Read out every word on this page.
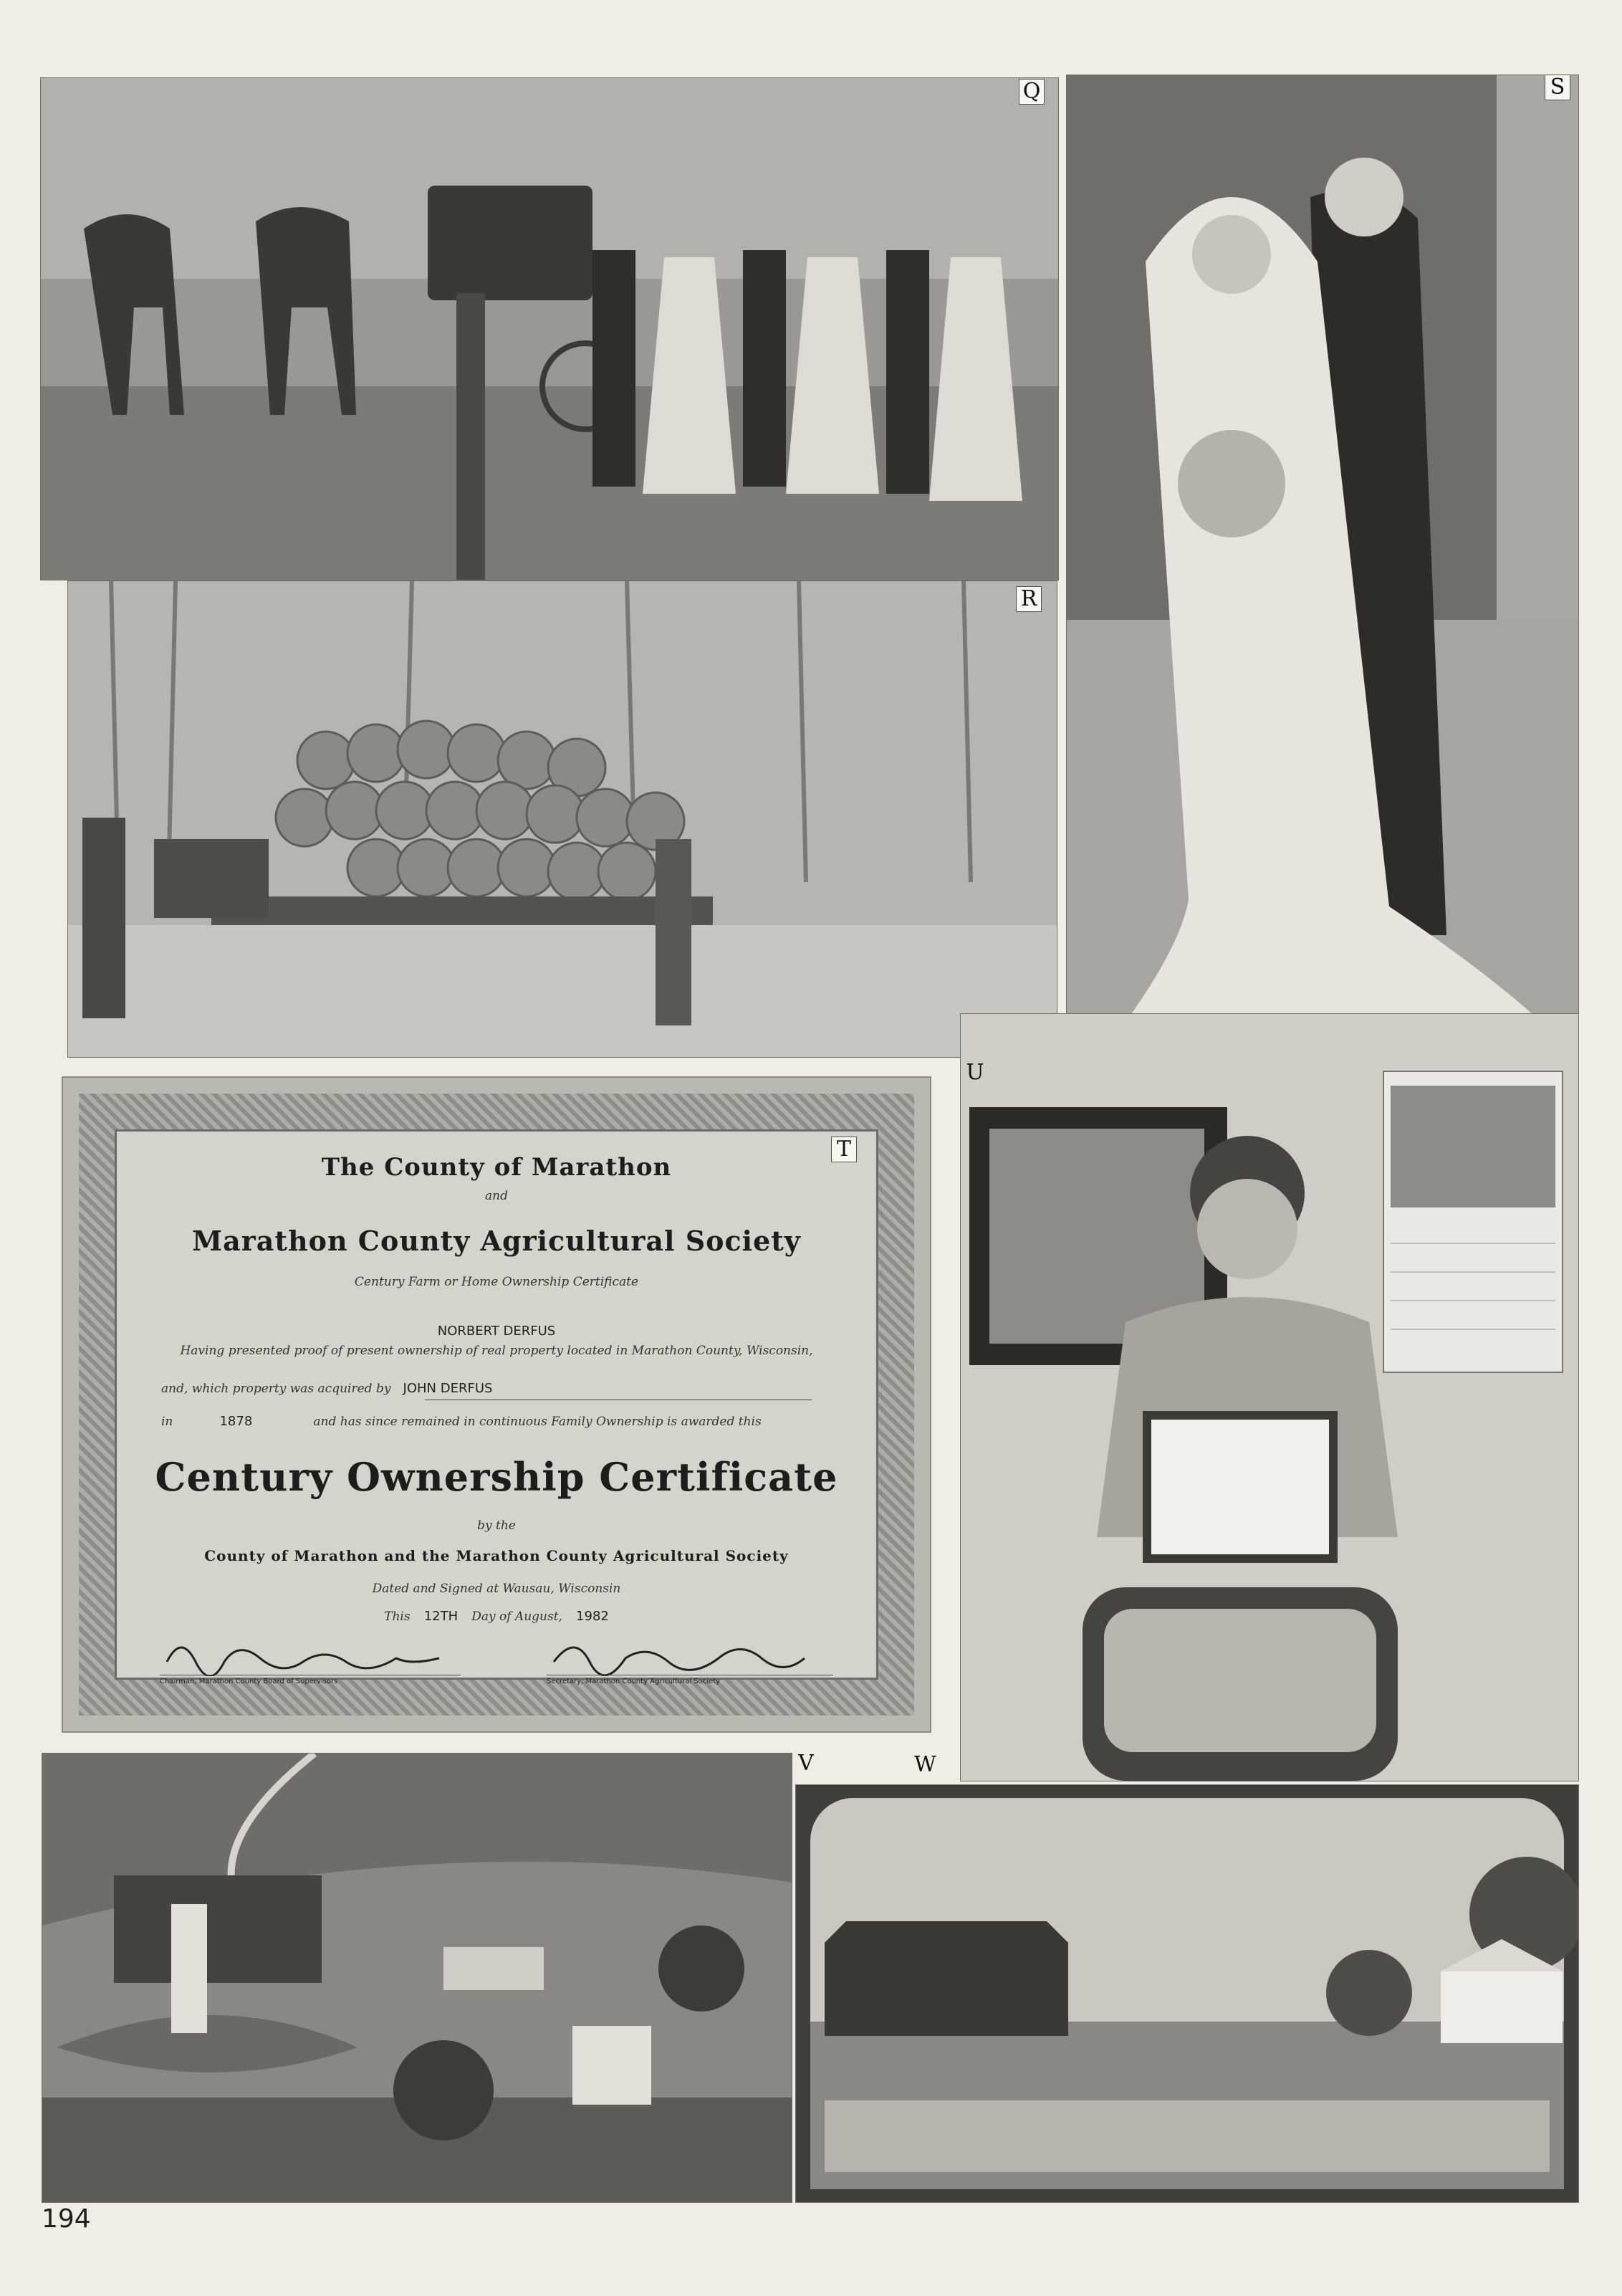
Q	S
R
The County of Marathon
and
Marathon County Agricultural Society
Century Farm or Home Ownership Certificate
NORBERT DERFUS
Having presented proof of present ownership of real property located in Marathon County, Wisconsin,
and, which property was acquired by JOHN DERFUS
in	1878	and has since remained in continuous Family Ownership is awarded this
Century Ownership Certificate
by the
County of Marathon and the Marathon County Agricultural Society
Dated and Signed at Wausau, Wisconsin
This 12TH Day of August, 1982
Chairman, Marathon County Board of Supervisors	Secretary, Marathon County Agricultural Society
T
U
V	W
194
